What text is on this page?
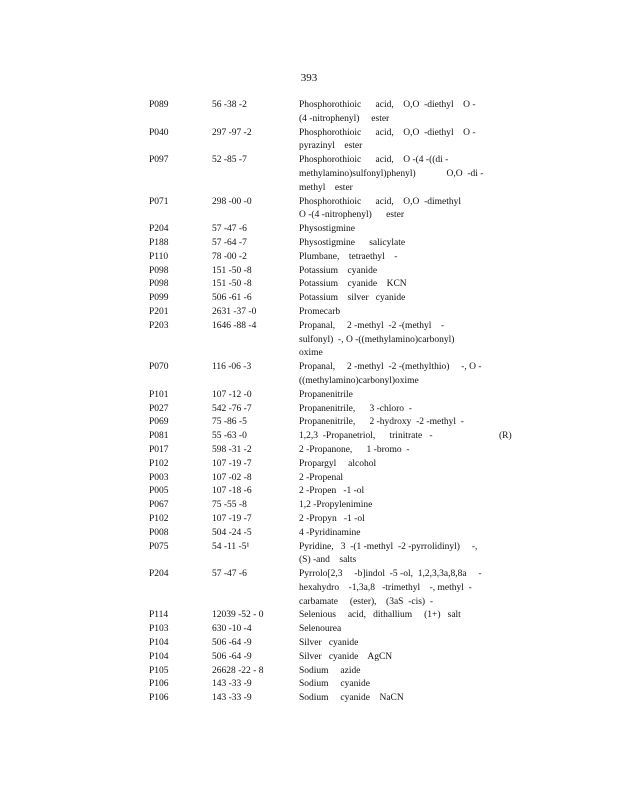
393
P089	56 -38 -2	Phosphorothioic      acid,    O,O  -diethyl    O -
(4 -nitrophenyl)     ester
P040	297 -97 -2	Phosphorothioic      acid,    O,O  -diethyl    O -
pyrazinyl    ester
P097	52 -85 -7	Phosphorothioic      acid,    O -(4 -((di -
methylamino)sulfonyl)phenyl)             O,O  -di -
methyl    ester
P071	298 -00 -0	Phosphorothioic      acid,    O,O  -dimethyl
O -(4 -nitrophenyl)      ester
P204	57 -47 -6	Physostigmine
P188	57 -64 -7	Physostigmine      salicylate
P110	78 -00 -2	Plumbane,    tetraethyl    -
P098	151 -50 -8	Potassium    cyanide
P098	151 -50 -8	Potassium    cyanide    KCN
P099	506 -61 -6	Potassium    silver   cyanide
P201	2631 -37 -0	Promecarb
P203	1646 -88 -4	Propanal,     2 -methyl  -2 -(methyl    -
sulfonyl)  -, O -((methylamino)carbonyl)
oxime
P070	116 -06 -3	Propanal,     2 -methyl  -2 -(methylthio)     -, O -
((methylamino)carbonyl)oxime
P101	107 -12 -0	Propanenitrile
P027	542 -76 -7	Propanenitrile,      3 -chloro  -
P069	75 -86 -5	Propanenitrile,      2 -hydroxy  -2 -methyl  -
P081	55 -63 -0	1,2,3  -Propanetriol,      trinitrate   -	(R)
P017	598 -31 -2	2 -Propanone,      1 -bromo  -
P102	107 -19 -7	Propargyl     alcohol
P003	107 -02 -8	2 -Propenal
P005	107 -18 -6	2 -Propen   -1 -ol
P067	75 -55 -8	1,2 -Propylenimine
P102	107 -19 -7	2 -Propyn   -1 -ol
P008	504 -24 -5	4 -Pyridinamine
P075	54 -11 -5¹	Pyridine,   3  -(1 -methyl  -2 -pyrrolidinyl)     -,
(S) -and    salts
P204	57 -47 -6	Pyrrolo[2,3     -b]indol  -5 -ol,  1,2,3,3a,8,8a     -
hexahydro    -1,3a,8   -trimethyl    -, methyl  -
carbamate     (ester),    (3aS  -cis)  -
P114	12039 -52 - 0	Selenious     acid,   dithallium     (1+)   salt
P103	630 -10 -4	Selenourea
P104	506 -64 -9	Silver   cyanide
P104	506 -64 -9	Silver   cyanide    AgCN
P105	26628 -22 - 8	Sodium     azide
P106	143 -33 -9	Sodium     cyanide
P106	143 -33 -9	Sodium     cyanide    NaCN
